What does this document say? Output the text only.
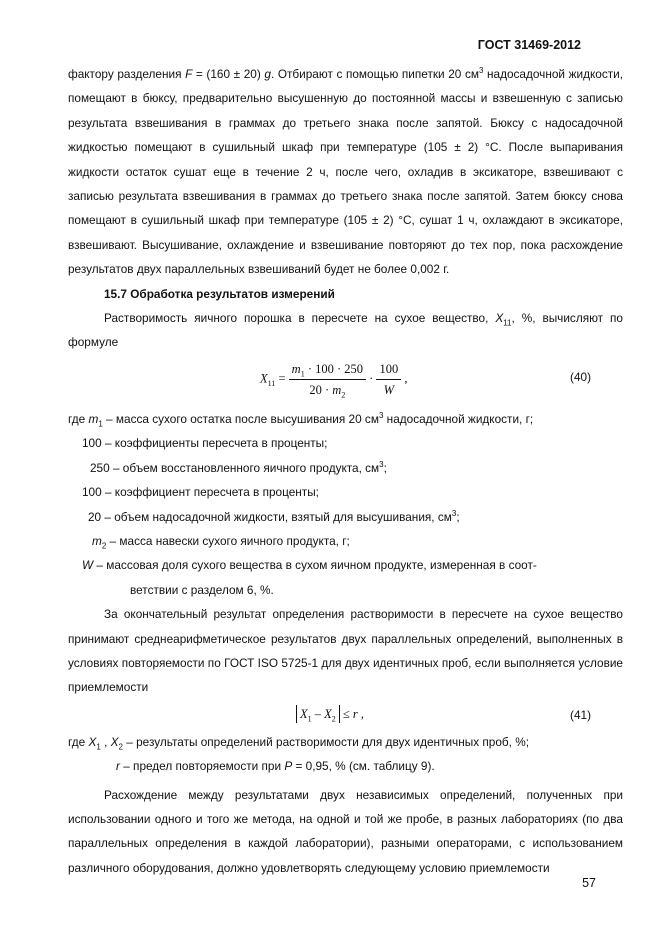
ГОСТ 31469-2012

фактору разделения F = (160 ± 20) g. Отбирают с помощью пипетки 20 $см^3$ надосадочной жидкости, помещают в бюксу, предварительно высушенную до постоянной массы и взвешенную с записью результата взвешивания в граммах до третьего знака после запятой. Бюксу с надосадочной жидкостью помещают в сушильный шкаф при температуре (105 ± 2) °C. После выпаривания жидкости остаток сушат еще в течение 2 ч, после чего, охладив в эксикаторе, взвешивают с записью результата взвешивания в граммах до третьего знака после запятой. Затем бюксу снова помещают в сушильный шкаф при температуре (105 ± 2) °C, сушат 1 ч, охлаждают в эксикаторе, взвешивают. Высушивание, охлаждение и взвешивание повторяют до тех пор, пока расхождение результатов двух параллельных взвешиваний будет не более 0,002 г.

15.7 Обработка результатов измерений

Растворимость яичного порошка в пересчете на сухое вещество, $X_{11}$, %, вычисляют по формуле

$X_{11} = \frac{m_1 \cdot 100 \cdot 250}{20 \cdot m_2} \cdot \frac{100}{W}$ ,	(40)

где $m_1$ – масса сухого остатка после высушивания 20 $см^3$ надосадочной жидкости, г;

100 – коэффициенты пересчета в проценты;

250 – объем восстановленного яичного продукта, $см^3$;

100 – коэффициент пересчета в проценты;

20 – объем надосадочной жидкости, взятый для высушивания, $см^3$;

$m_2$ – масса навески сухого яичного продукта, г;

W – массовая доля сухого вещества в сухом яичном продукте, измеренная в соот-

ветствии с разделом 6, %.

За окончательный результат определения растворимости в пересчете на сухое вещество принимают среднеарифметическое результатов двух параллельных определений, выполненных в условиях повторяемости по ГОСТ ISO 5725-1 для двух идентичных проб, если выполняется условие приемлемости

$X_1 - X_2 \le r$ ,	(41)

где $X_1$ , $X_2$ – результаты определений растворимости для двух идентичных проб, %;

r – предел повторяемости при P = 0,95, % (см. таблицу 9).

Расхождение между результатами двух независимых определений, полученных при использовании одного и того же метода, на одной и той же пробе, в разных лабораториях (по два параллельных определения в каждой лаборатории), разными операторами, с использованием различного оборудования, должно удовлетворять следующему условию приемлемости

57
